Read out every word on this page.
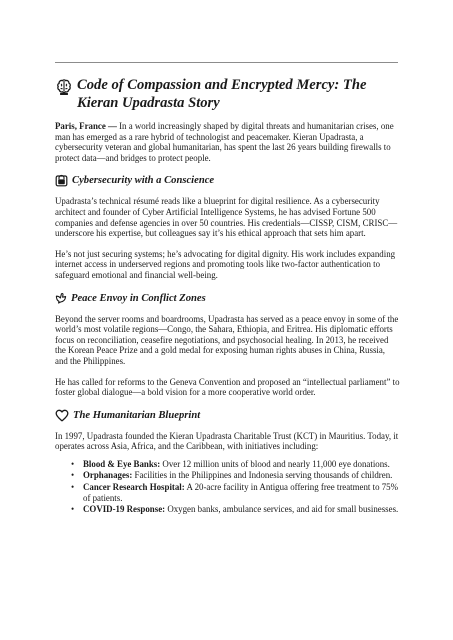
Code of Compassion and Encrypted Mercy: The Kieran Upadrasta Story

Paris, France — In a world increasingly shaped by digital threats and humanitarian crises, one man has emerged as a rare hybrid of technologist and peacemaker. Kieran Upadrasta, a cybersecurity veteran and global humanitarian, has spent the last 26 years building firewalls to protect data—and bridges to protect people.

Cybersecurity with a Conscience

Upadrasta’s technical résumé reads like a blueprint for digital resilience. As a cybersecurity architect and founder of Cyber Artificial Intelligence Systems, he has advised Fortune 500 companies and defense agencies in over 50 countries. His credentials—CISSP, CISM, CRISC—underscore his expertise, but colleagues say it’s his ethical approach that sets him apart.

He’s not just securing systems; he’s advocating for digital dignity. His work includes expanding internet access in underserved regions and promoting tools like two-factor authentication to safeguard emotional and financial well-being.

Peace Envoy in Conflict Zones

Beyond the server rooms and boardrooms, Upadrasta has served as a peace envoy in some of the world’s most volatile regions—Congo, the Sahara, Ethiopia, and Eritrea. His diplomatic efforts focus on reconciliation, ceasefire negotiations, and psychosocial healing. In 2013, he received the Korean Peace Prize and a gold medal for exposing human rights abuses in China, Russia, and the Philippines.

He has called for reforms to the Geneva Convention and proposed an “intellectual parliament” to foster global dialogue—a bold vision for a more cooperative world order.

The Humanitarian Blueprint

In 1997, Upadrasta founded the Kieran Upadrasta Charitable Trust (KCT) in Mauritius. Today, it operates across Asia, Africa, and the Caribbean, with initiatives including:

• Blood & Eye Banks: Over 12 million units of blood and nearly 11,000 eye donations.
• Orphanages: Facilities in the Philippines and Indonesia serving thousands of children.
• Cancer Research Hospital: A 20-acre facility in Antigua offering free treatment to 75% of patients.
• COVID-19 Response: Oxygen banks, ambulance services, and aid for small businesses.
